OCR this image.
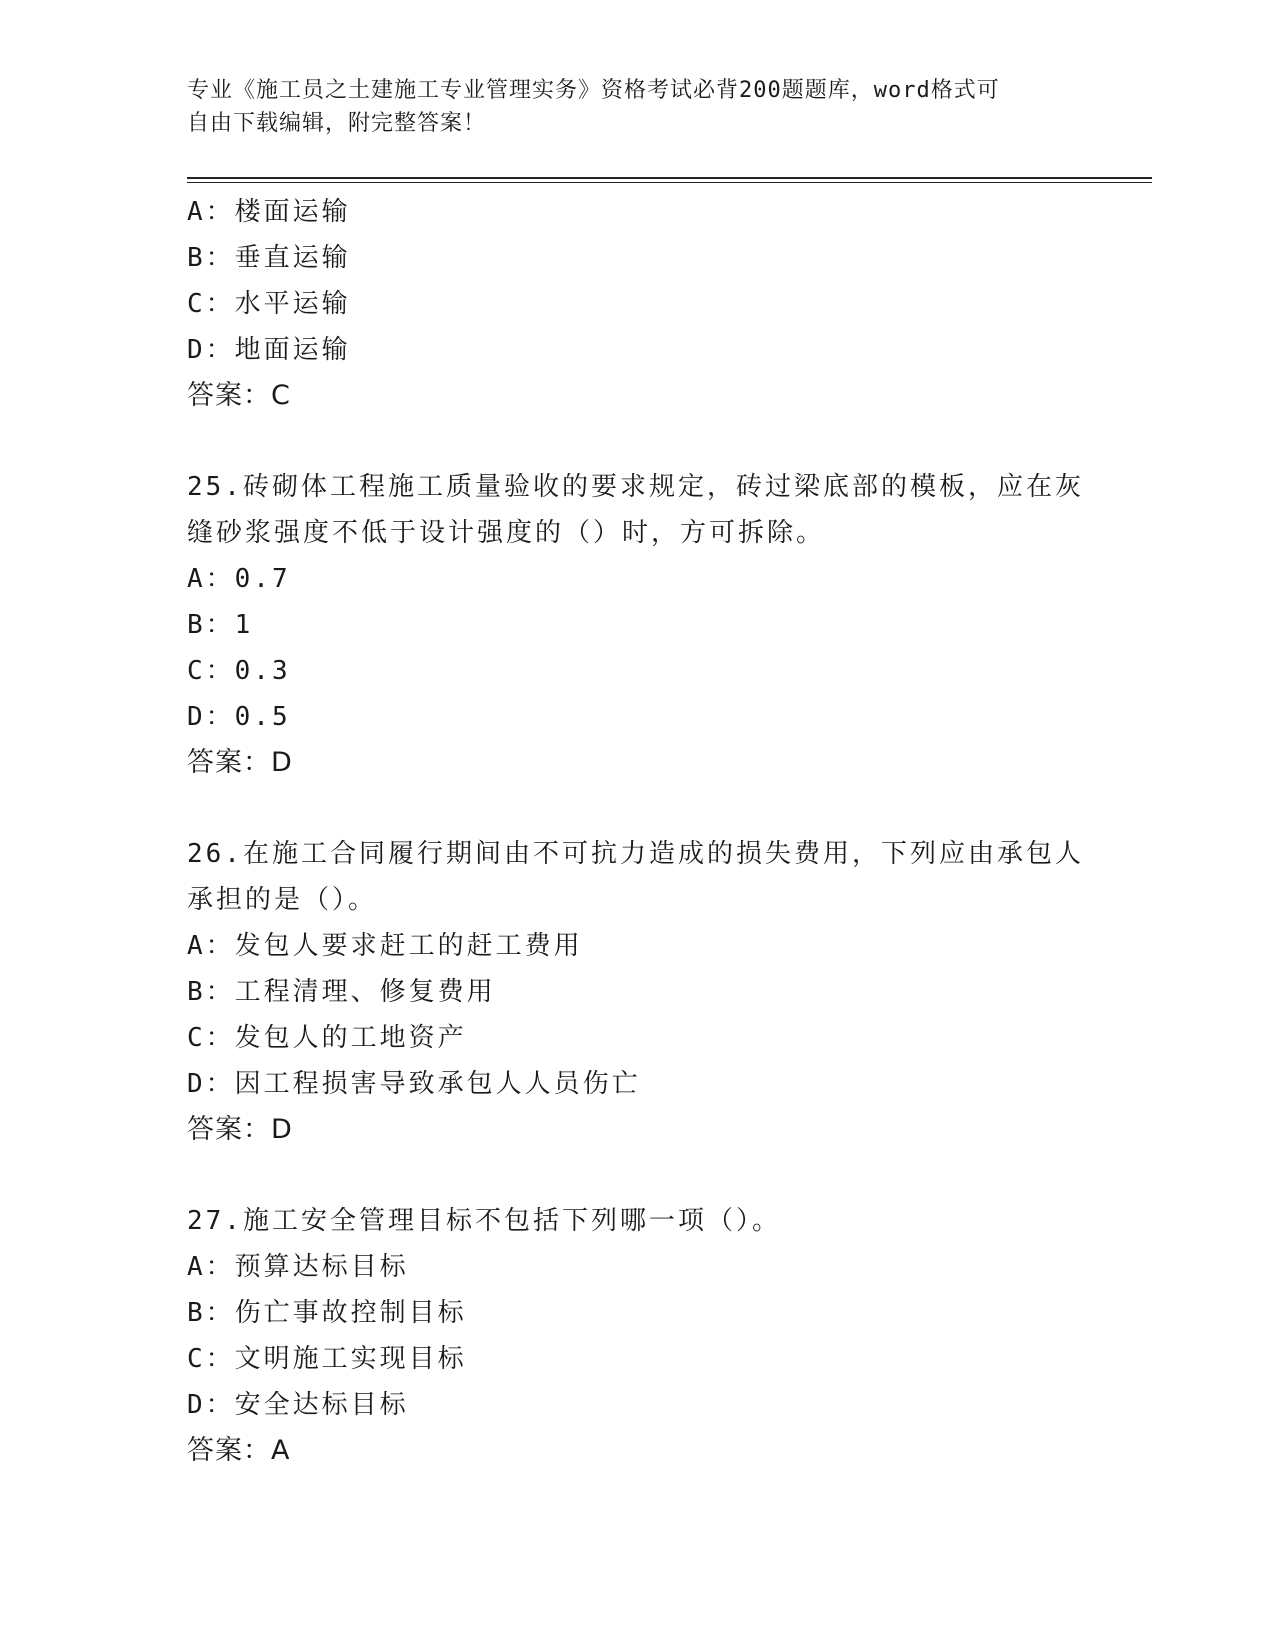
专业《施工员之土建施工专业管理实务》资格考试必背200题题库，word格式可
自由下载编辑，附完整答案！
A：楼面运输
B：垂直运输
C：水平运输
D：地面运输
答案：C
25.砖砌体工程施工质量验收的要求规定，砖过梁底部的模板，应在灰
缝砂浆强度不低于设计强度的（）时，方可拆除。
A：0.7
B：1
C：0.3
D：0.5
答案：D
26.在施工合同履行期间由不可抗力造成的损失费用，下列应由承包人
承担的是（）。
A：发包人要求赶工的赶工费用
B：工程清理、修复费用
C：发包人的工地资产
D：因工程损害导致承包人人员伤亡
答案：D
27.施工安全管理目标不包括下列哪一项（）。
A：预算达标目标
B：伤亡事故控制目标
C：文明施工实现目标
D：安全达标目标
答案：A
